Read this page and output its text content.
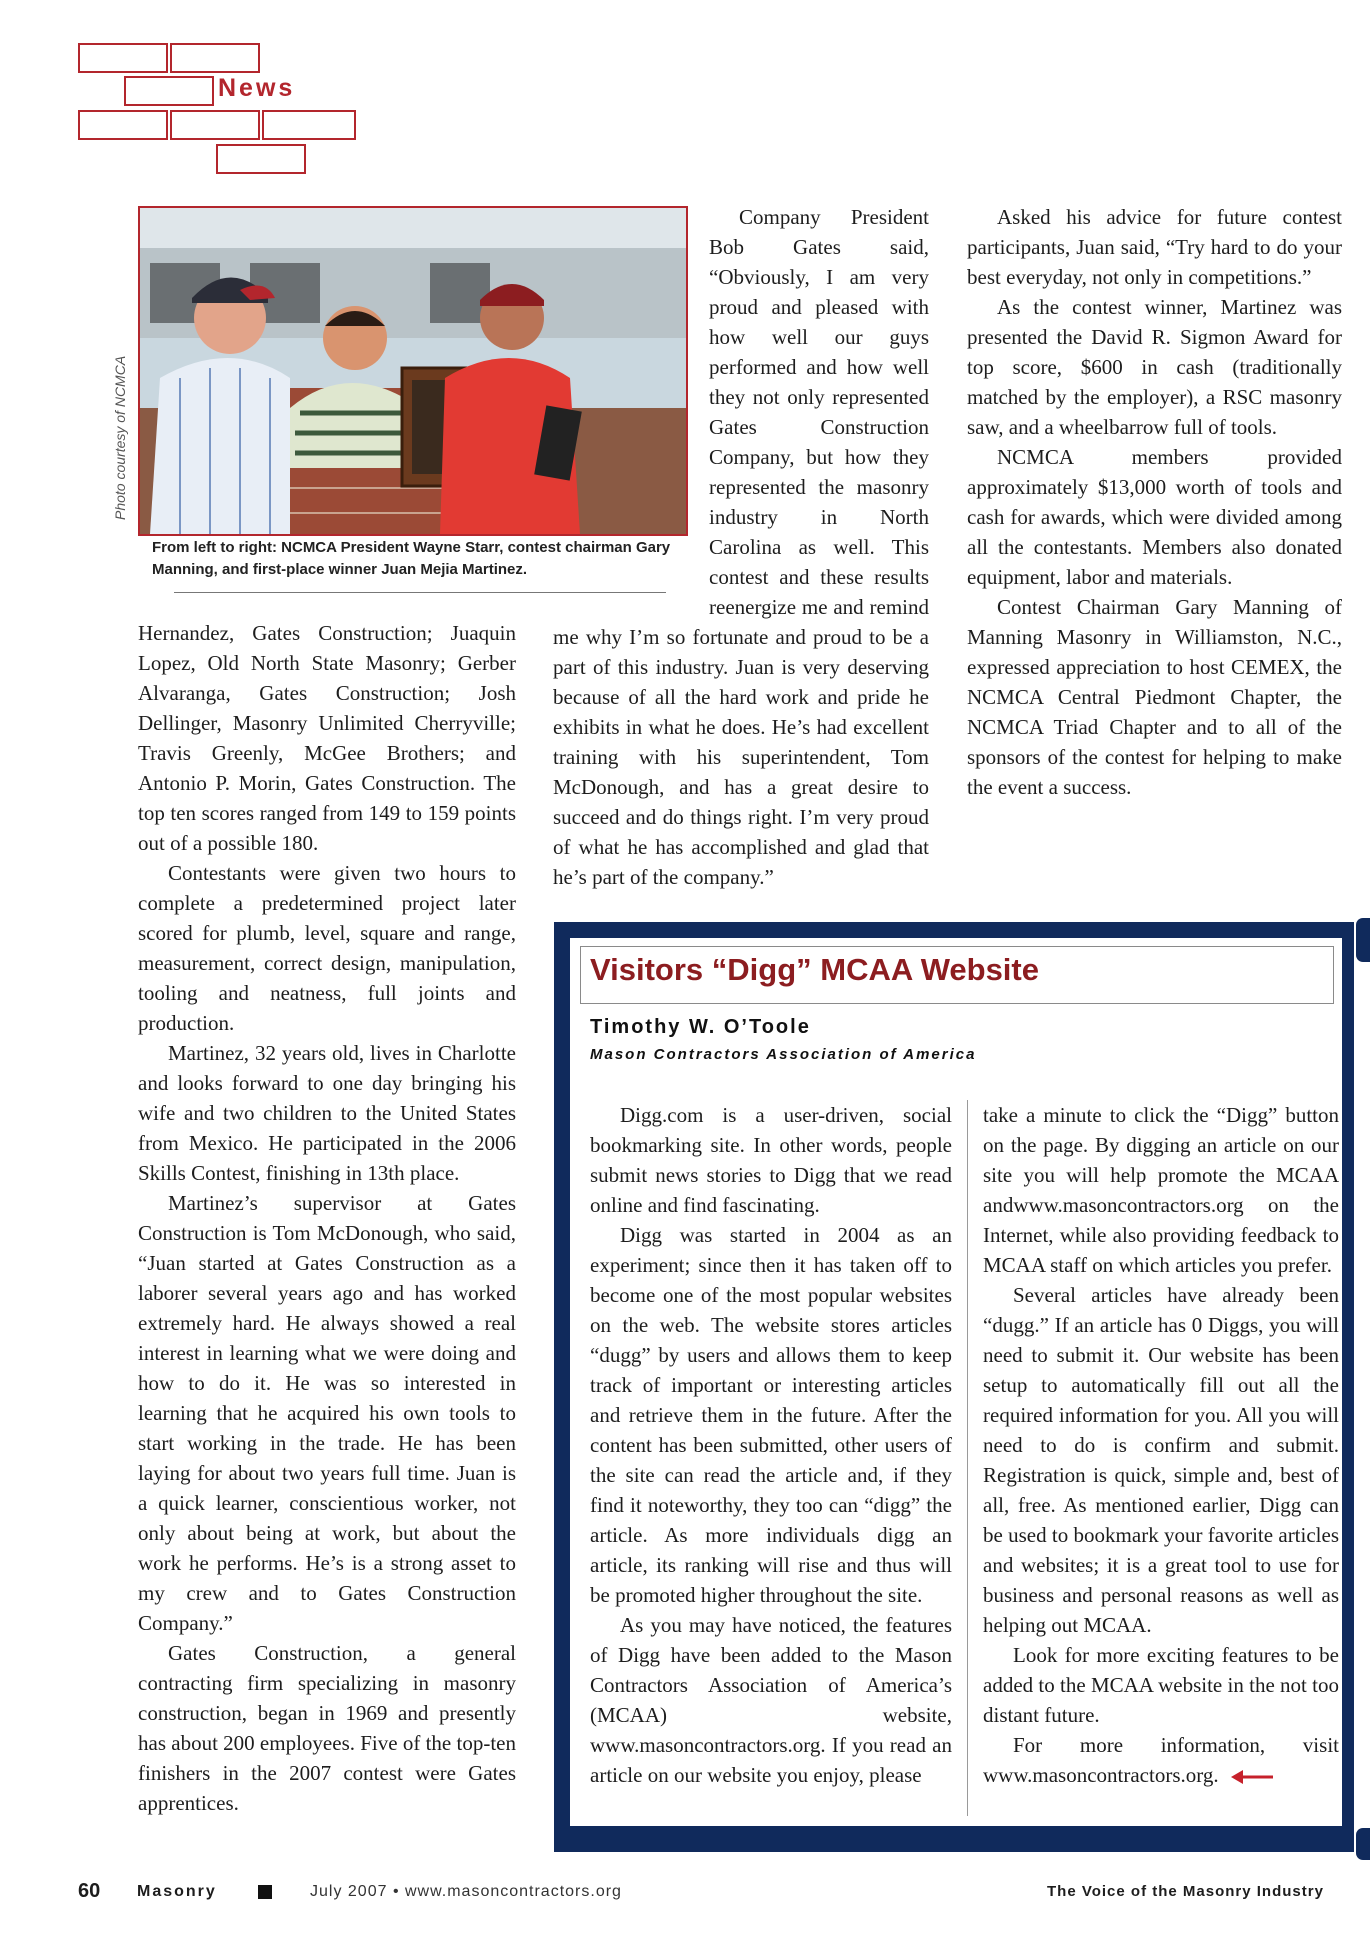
News
Photo courtesy of NCMCA
From left to right: NCMCA President Wayne Starr, contest chairman Gary Manning, and first-place winner Juan Mejia Martinez.

Hernandez, Gates Construction; Juaquin Lopez, Old North State Masonry; Gerber Alvaranga, Gates Construction; Josh Dellinger, Masonry Unlimited Cherryville; Travis Greenly, McGee Brothers; and Antonio P. Morin, Gates Construction. The top ten scores ranged from 149 to 159 points out of a possible 180.

Contestants were given two hours to complete a predetermined project later scored for plumb, level, square and range, measurement, correct design, manipulation, tooling and neatness, full joints and production.

Martinez, 32 years old, lives in Charlotte and looks forward to one day bringing his wife and two children to the United States from Mexico. He participated in the 2006 Skills Contest, finishing in 13th place.

Martinez’s supervisor at Gates Construction is Tom McDonough, who said, “Juan started at Gates Construction as a laborer several years ago and has worked extremely hard. He always showed a real interest in learning what we were doing and how to do it. He was so interested in learning that he acquired his own tools to start working in the trade. He has been laying for about two years full time. Juan is a quick learner, conscientious worker, not only about being at work, but about the work he performs. He’s is a strong asset to my crew and to Gates Construction Company.”

Gates Construction, a general contracting firm specializing in masonry construction, began in 1969 and presently has about 200 employees. Five of the top-ten finishers in the 2007 contest were Gates apprentices.

Company President Bob Gates said, “Obviously, I am very proud and pleased with how well our guys performed and how well they not only represented Gates Construction Company, but how they represented the masonry industry in North Carolina as well. This contest and these results reenergize me and remind me why I’m so fortunate and proud to be a part of this industry. Juan is very deserving because of all the hard work and pride he exhibits in what he does. He’s had excellent training with his superintendent, Tom McDonough, and has a great desire to succeed and do things right. I’m very proud of what he has accomplished and glad that he’s part of the company.”

Asked his advice for future contest participants, Juan said, “Try hard to do your best everyday, not only in competitions.”

As the contest winner, Martinez was presented the David R. Sigmon Award for top score, $600 in cash (traditionally matched by the employer), a RSC masonry saw, and a wheelbarrow full of tools.

NCMCA members provided approximately $13,000 worth of tools and cash for awards, which were divided among all the contestants. Members also donated equipment, labor and materials.

Contest Chairman Gary Manning of Manning Masonry in Williamston, N.C., expressed appreciation to host CEMEX, the NCMCA Central Piedmont Chapter, the NCMCA Triad Chapter and to all of the sponsors of the contest for helping to make the event a success.

Visitors “Digg” MCAA Website
Timothy W. O’Toole
Mason Contractors Association of America

Digg.com is a user-driven, social bookmarking site. In other words, people submit news stories to Digg that we read online and find fascinating.

Digg was started in 2004 as an experiment; since then it has taken off to become one of the most popular websites on the web. The website stores articles “dugg” by users and allows them to keep track of important or interesting articles and retrieve them in the future. After the content has been submitted, other users of the site can read the article and, if they find it noteworthy, they too can “digg” the article. As more individuals digg an article, its ranking will rise and thus will be promoted higher throughout the site.

As you may have noticed, the features of Digg have been added to the Mason Contractors Association of America’s (MCAA) website, www.masoncontractors.org. If you read an article on our website you enjoy, please

take a minute to click the “Digg” button on the page. By digging an article on our site you will help promote the MCAA andwww.masoncontractors.org on the Internet, while also providing feedback to MCAA staff on which articles you prefer.

Several articles have already been “dugg.” If an article has 0 Diggs, you will need to submit it. Our website has been setup to automatically fill out all the required information for you. All you will need to do is confirm and submit. Registration is quick, simple and, best of all, free. As mentioned earlier, Digg can be used to bookmark your favorite articles and websites; it is a great tool to use for business and personal reasons as well as helping out MCAA.

Look for more exciting features to be added to the MCAA website in the not too distant future.

For more information, visit www.masoncontractors.org.

60 Masonry	July 2007 • www.masoncontractors.org	The Voice of the Masonry Industry
